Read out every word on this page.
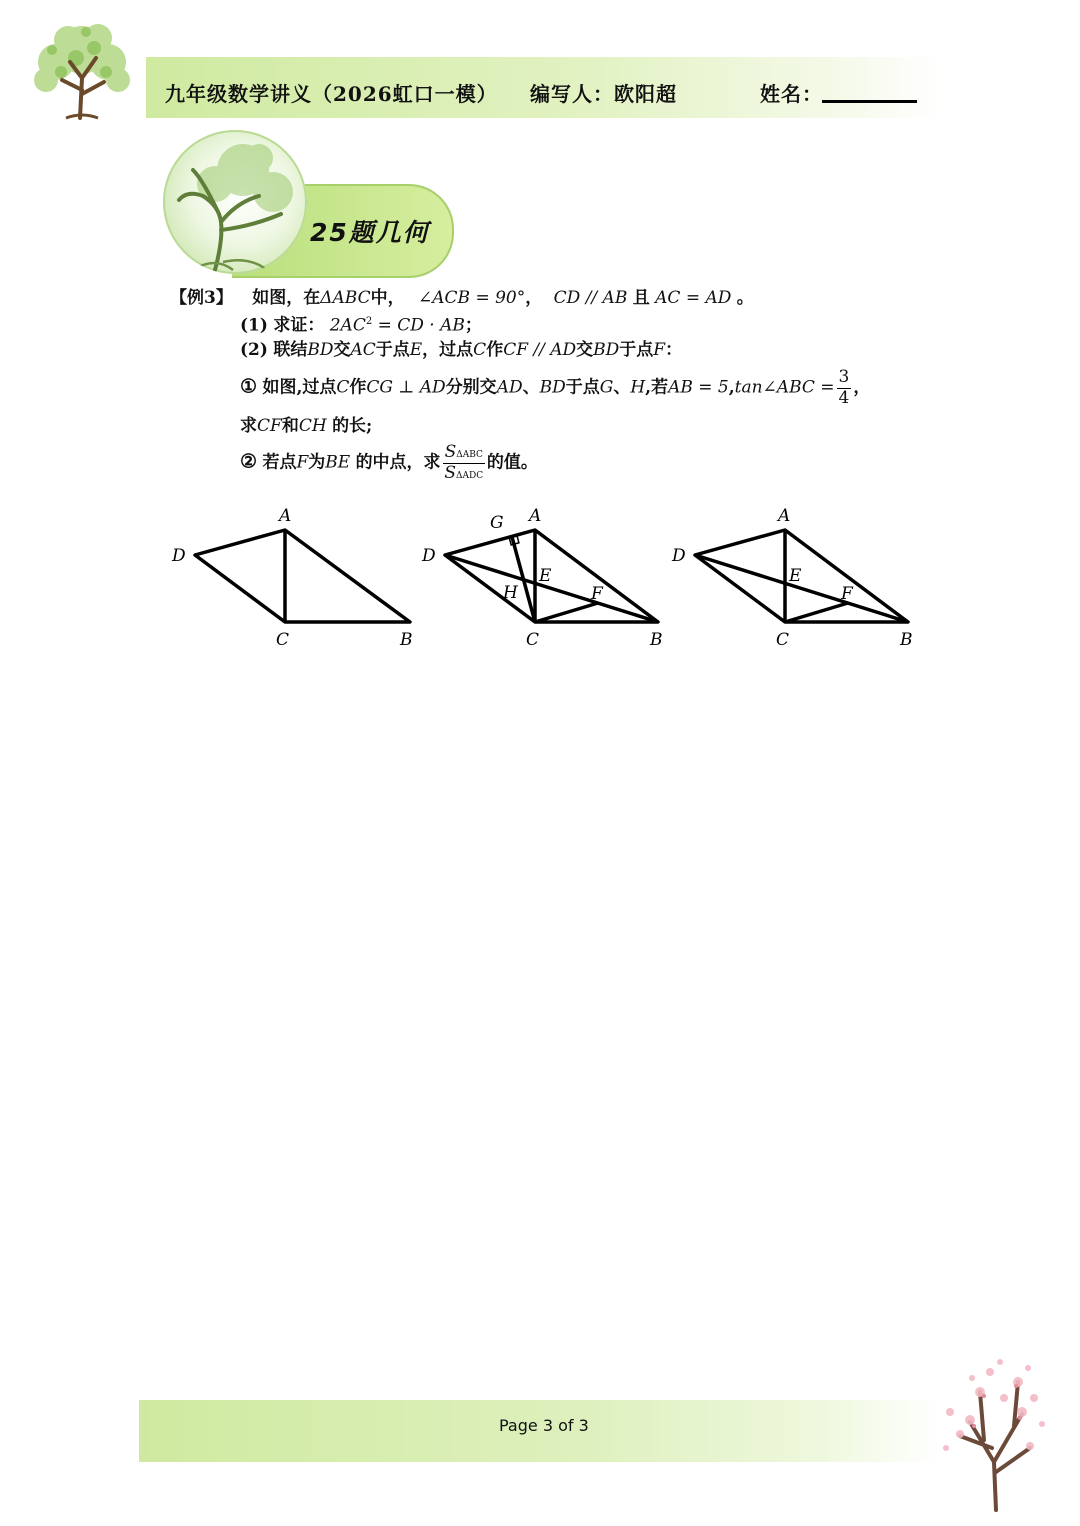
九年级数学讲义（2026虹口一模） 编写人：欧阳超	姓名：
25题几何
【例3】 如图，在ΔABC中， ∠ACB = 90°， CD // AB 且 AC = AD 。
(1) 求证： $2AC^2$ = CD · AB；
(2) 联结BD交AC于点E，过点C作CF // AD交BD于点F：
① 如图,过点C作CG ⊥ AD分别交AD、BD于点G、H,若AB = 5,tan∠ABC = $\frac{3}{4}$ ，
求CF和CH 的长;
② 若点F为BE 的中点，求 $\frac{\text{SΔABC}}{\text{SΔADC}}$ 的值。
D
A
C	B
D
A
G
E
H	F
C	B
D
A
E
F
C	B
Page 3 of 3
